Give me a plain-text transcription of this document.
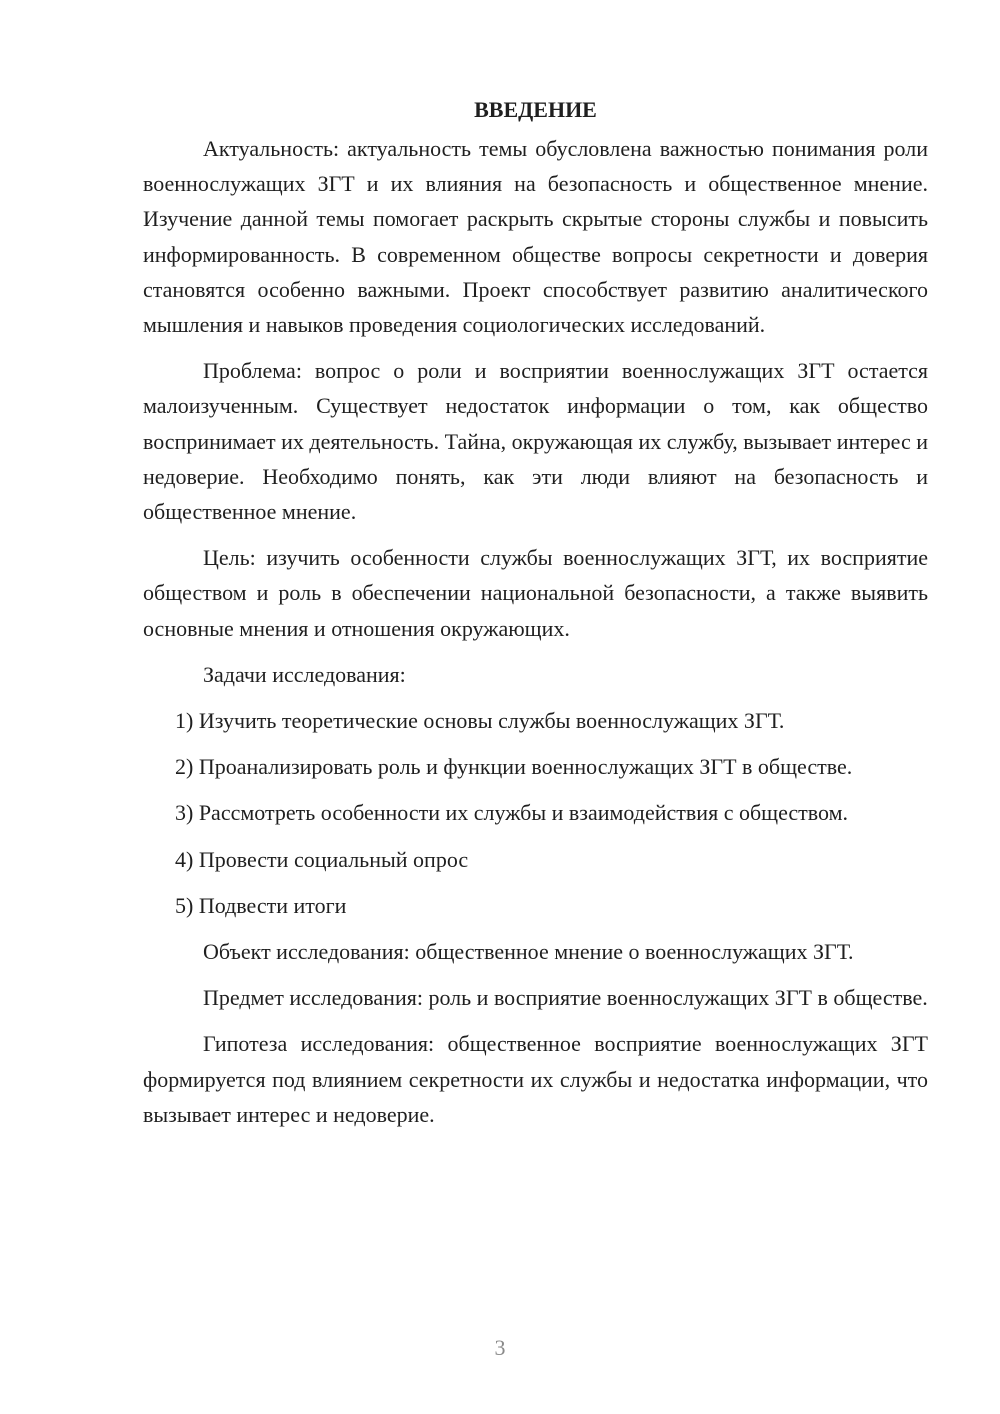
ВВЕДЕНИЕ

Актуальность: актуальность темы обусловлена важностью понимания роли военнослужащих ЗГТ и их влияния на безопасность и общественное мнение. Изучение данной темы помогает раскрыть скрытые стороны службы и повысить информированность. В современном обществе вопросы секретности и доверия становятся особенно важными. Проект способствует развитию аналитического мышления и навыков проведения социологических исследований.

Проблема: вопрос о роли и восприятии военнослужащих ЗГТ остается малоизученным. Существует недостаток информации о том, как общество воспринимает их деятельность. Тайна, окружающая их службу, вызывает интерес и недоверие. Необходимо понять, как эти люди влияют на безопасность и общественное мнение.

Цель: изучить особенности службы военнослужащих ЗГТ, их восприятие обществом и роль в обеспечении национальной безопасности, а также выявить основные мнения и отношения окружающих.

Задачи исследования:

1) Изучить теоретические основы службы военнослужащих ЗГТ.

2) Проанализировать роль и функции военнослужащих ЗГТ в обществе.

3) Рассмотреть особенности их службы и взаимодействия с обществом.

4) Провести социальный опрос

5) Подвести итоги

Объект исследования: общественное мнение о военнослужащих ЗГТ.

Предмет исследования: роль и восприятие военнослужащих ЗГТ в обществе.

Гипотеза исследования: общественное восприятие военнослужащих ЗГТ формируется под влиянием секретности их службы и недостатка информации, что вызывает интерес и недоверие.

3
